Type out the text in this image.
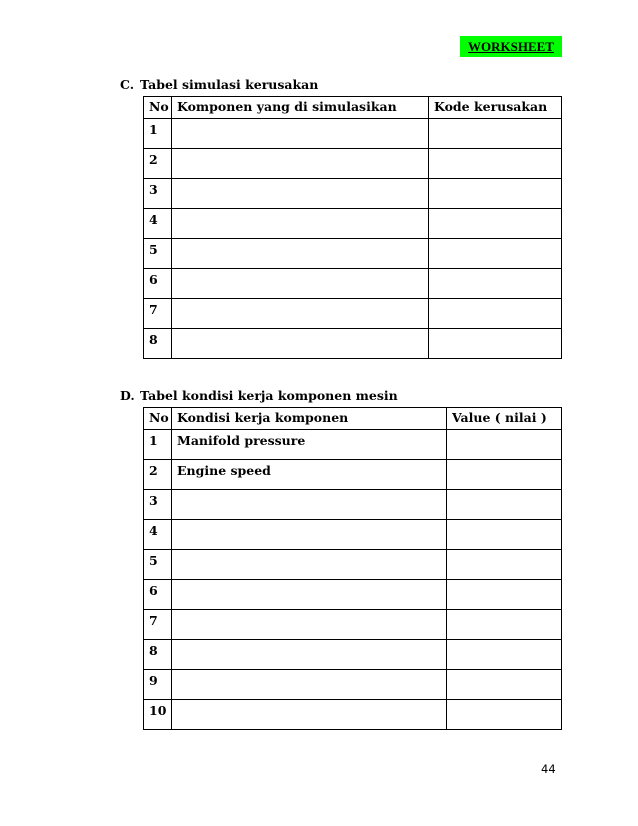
WORKSHEET
C. Tabel simulasi kerusakan
No	Komponen yang di simulasikan	Kode kerusakan
1		
2		
3		
4		
5		
6		
7		
8		
D. Tabel kondisi kerja komponen mesin
No	Kondisi kerja komponen	Value ( nilai )
1	Manifold pressure	
2	Engine speed	
3		
4		
5		
6		
7		
8		
9		
10		
44
